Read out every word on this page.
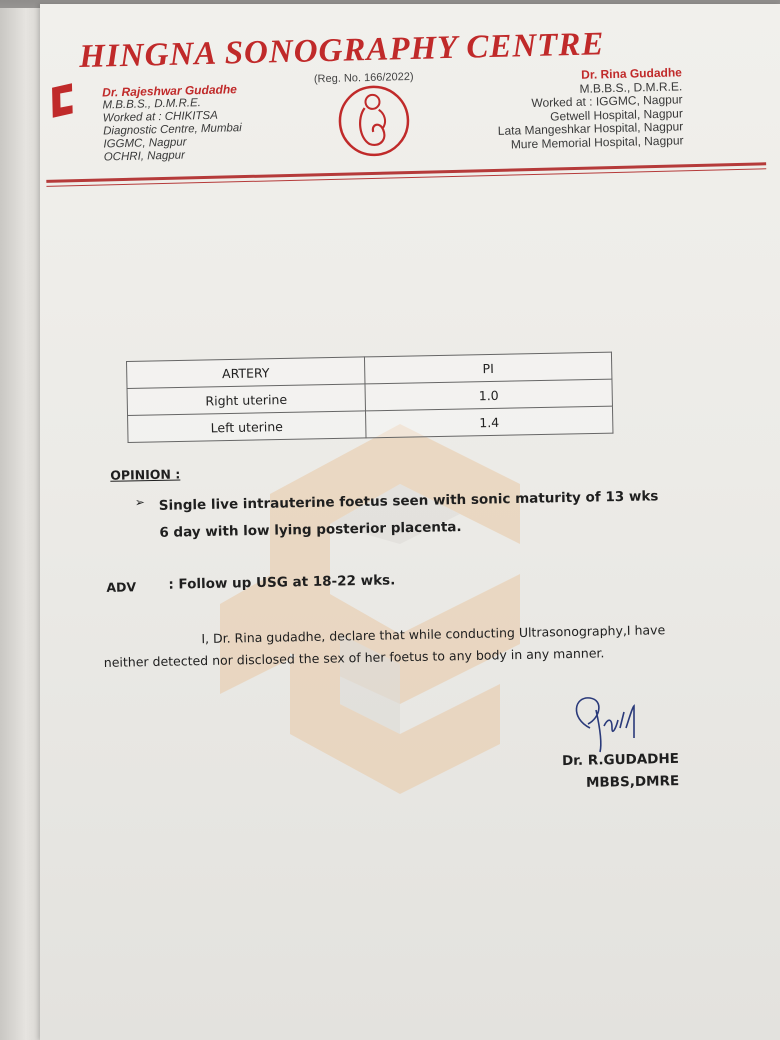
HINGNA SONOGRAPHY CENTRE
(Reg. No. 166/2022)
Dr. Rajeshwar Gudadhe
M.B.B.S., D.M.R.E.
Worked at : CHIKITSA
Diagnostic Centre, Mumbai
IGGMC, Nagpur
OCHRI, Nagpur
Dr. Rina Gudadhe
M.B.B.S., D.M.R.E.
Worked at : IGGMC, Nagpur
Getwell Hospital, Nagpur
Lata Mangeshkar Hospital, Nagpur
Mure Memorial Hospital, Nagpur
ARTERY	PI
Right uterine	1.0
Left uterine	1.4
OPINION :
➢ Single live intrauterine foetus seen with sonic maturity of 13 wks
6 day with low lying posterior placenta.
ADV : Follow up USG at 18-22 wks.
I, Dr. Rina gudadhe, declare that while conducting Ultrasonography,I have
neither detected nor disclosed the sex of her foetus to any body in any manner.
Dr. R.GUDADHE
MBBS,DMRE
